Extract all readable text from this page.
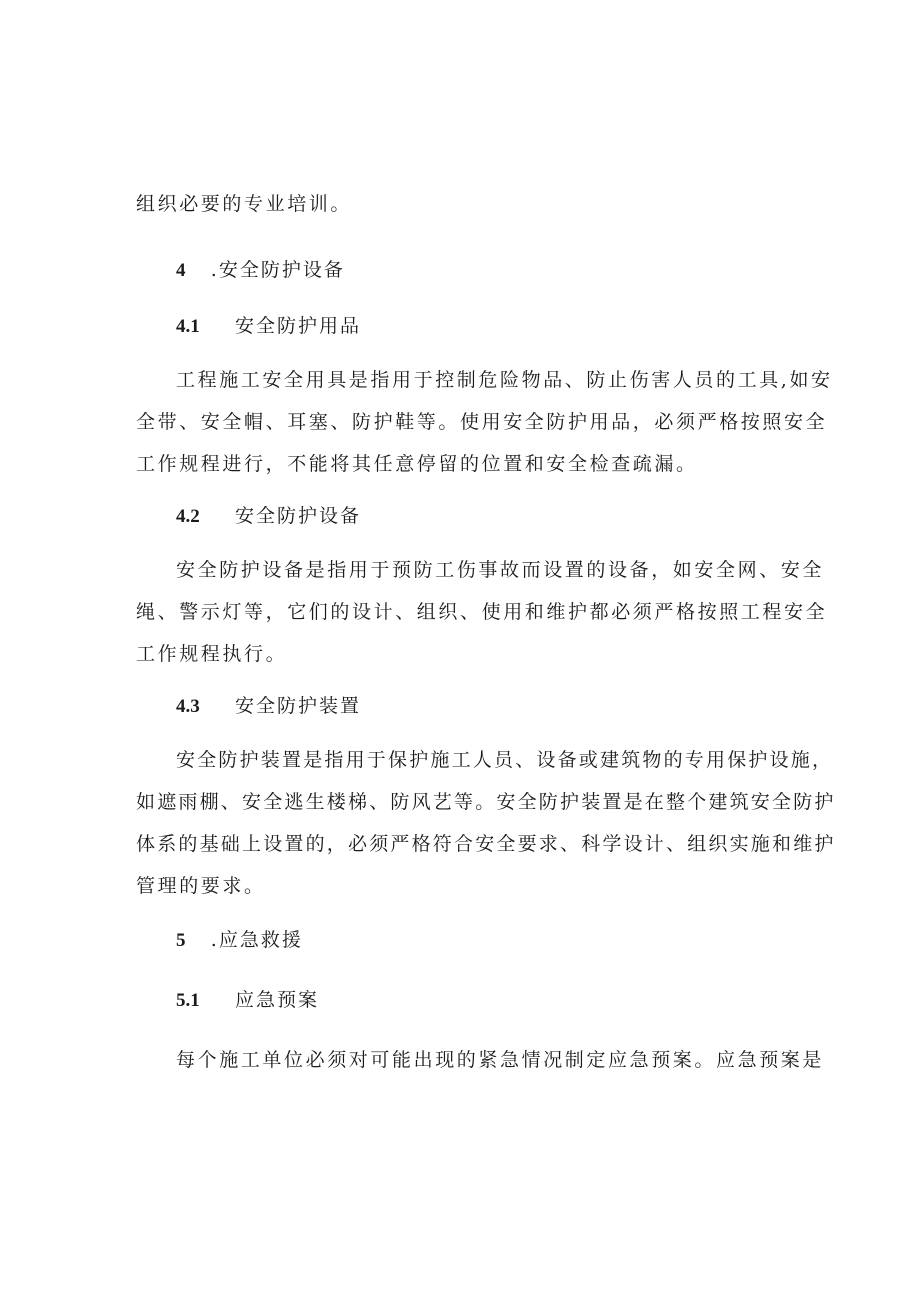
组织必要的专业培训。
4 .安全防护设备
4.1 安全防护用品
工程施工安全用具是指用于控制危险物品、防止伤害人员的工具,如安
全带、安全帽、耳塞、防护鞋等。使用安全防护用品，必须严格按照安全
工作规程进行，不能将其任意停留的位置和安全检查疏漏。
4.2 安全防护设备
安全防护设备是指用于预防工伤事故而设置的设备，如安全网、安全
绳、警示灯等，它们的设计、组织、使用和维护都必须严格按照工程安全
工作规程执行。
4.3 安全防护装置
安全防护装置是指用于保护施工人员、设备或建筑物的专用保护设施，
如遮雨棚、安全逃生楼梯、防风艺等。安全防护装置是在整个建筑安全防护
体系的基础上设置的，必须严格符合安全要求、科学设计、组织实施和维护
管理的要求。
5 .应急救援
5.1 应急预案
每个施工单位必须对可能出现的紧急情况制定应急预案。应急预案是
